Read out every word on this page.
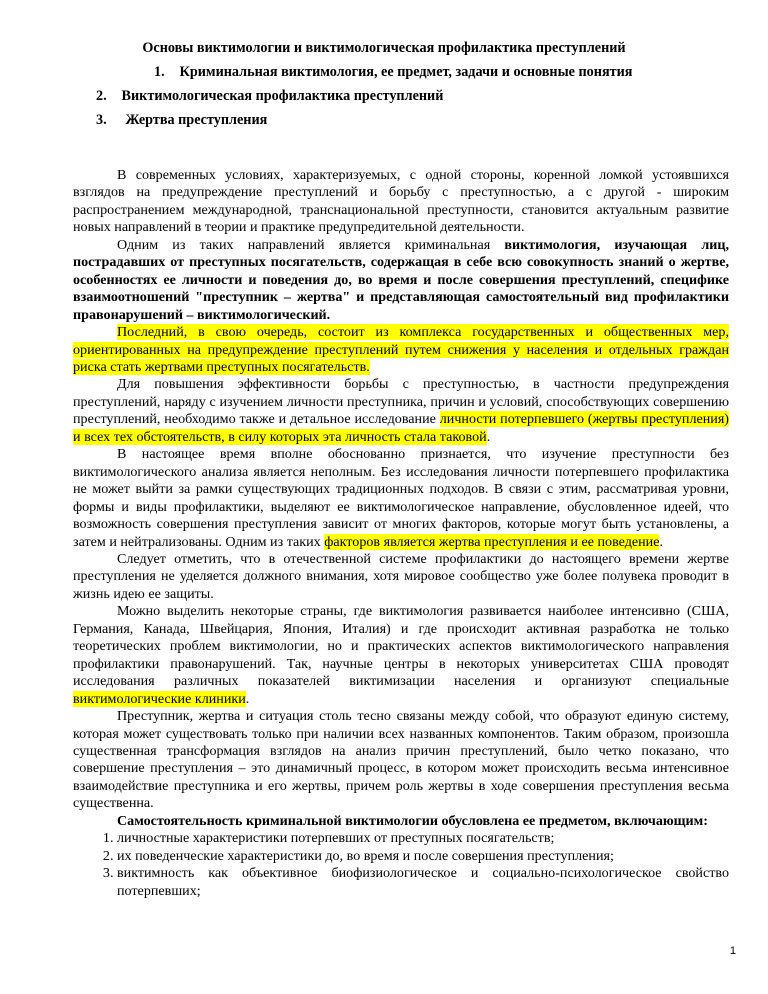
Основы виктимологии и виктимологическая профилактика преступлений
1. Криминальная виктимология, ее предмет, задачи и основные понятия
2. Виктимологическая профилактика преступлений
3. Жертва преступления

В современных условиях, характеризуемых, с одной стороны, коренной ломкой устоявшихся взглядов на предупреждение преступлений и борьбу с преступностью, а с другой - широким распространением международной, транснациональной преступности, становится актуальным развитие новых направлений в теории и практике предупредительной деятельности.

Одним из таких направлений является криминальная виктимология, изучающая лиц, пострадавших от преступных посягательств, содержащая в себе всю совокупность знаний о жертве, особенностях ее личности и поведения до, во время и после совершения преступлений, специфике взаимоотношений "преступник – жертва" и представляющая самостоятельный вид профилактики правонарушений – виктимологический.

Последний, в свою очередь, состоит из комплекса государственных и общественных мер, ориентированных на предупреждение преступлений путем снижения у населения и отдельных граждан риска стать жертвами преступных посягательств.

Для повышения эффективности борьбы с преступностью, в частности предупреждения преступлений, наряду с изучением личности преступника, причин и условий, способствующих совершению преступлений, необходимо также и детальное исследование личности потерпевшего (жертвы преступления) и всех тех обстоятельств, в силу которых эта личность стала таковой.

В настоящее время вполне обоснованно признается, что изучение преступности без виктимологического анализа является неполным. Без исследования личности потерпевшего профилактика не может выйти за рамки существующих традиционных подходов. В связи с этим, рассматривая уровни, формы и виды профилактики, выделяют ее виктимологическое направление, обусловленное идеей, что возможность совершения преступления зависит от многих факторов, которые могут быть установлены, а затем и нейтрализованы. Одним из таких факторов является жертва преступления и ее поведение.

Следует отметить, что в отечественной системе профилактики до настоящего времени жертве преступления не уделяется должного внимания, хотя мировое сообщество уже более полувека проводит в жизнь идею ее защиты.

Можно выделить некоторые страны, где виктимология развивается наиболее интенсивно (США, Германия, Канада, Швейцария, Япония, Италия) и где происходит активная разработка не только теоретических проблем виктимологии, но и практических аспектов виктимологического направления профилактики правонарушений. Так, научные центры в некоторых университетах США проводят исследования различных показателей виктимизации населения и организуют специальные виктимологические клиники.

Преступник, жертва и ситуация столь тесно связаны между собой, что образуют единую систему, которая может существовать только при наличии всех названных компонентов. Таким образом, произошла существенная трансформация взглядов на анализ причин преступлений, было четко показано, что совершение преступления – это динамичный процесс, в котором может происходить весьма интенсивное взаимодействие преступника и его жертвы, причем роль жертвы в ходе совершения преступления весьма существенна.

Самостоятельность криминальной виктимологии обусловлена ее предметом, включающим:

1. личностные характеристики потерпевших от преступных посягательств;
2. их поведенческие характеристики до, во время и после совершения преступления;
3. виктимность как объективное биофизиологическое и социально-психологическое свойство потерпевших;
1
